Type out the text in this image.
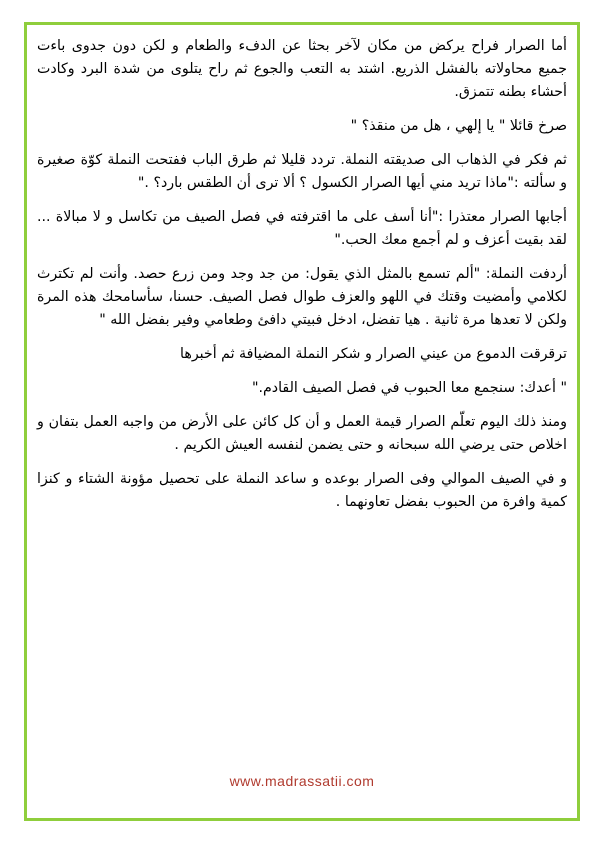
أما الصرار فراح يركض من مكان لآخر بحثا عن الدفء والطعام و لكن دون جدوى باءت جميع محاولاته بالفشل الذريع. اشتد به التعب والجوع ثم راح يتلوى من شدة البرد وكادت أحشاء بطنه تتمزق.

صرخ قائلا " يا إلهي ، هل من منقذ؟ "

ثم فكر في الذهاب الى صديقته النملة. تردد قليلا ثم طرق الباب ففتحت النملة كوّة صغيرة و سألته :"ماذا تريد مني أيها الصرار الكسول ؟ ألا ترى أن الطقس بارد؟ ."

أجابها الصرار معتذرا :"أنا أسف على ما اقترفته في فصل الصيف من تكاسل و لا مبالاة ... لقد بقيت أعزف و لم أجمع معك الحب."

أردفت النملة: "ألم تسمع بالمثل الذي يقول: من جد وجد ومن زرع حصد. وأنت لم تكترث لكلامي وأمضيت وقتك في اللهو والعزف طوال فصل الصيف. حسنا، سأسامحك هذه المرة ولكن لا تعدها مرة ثانية . هيا تفضل، ادخل فبيتي دافئ وطعامي وفير بفضل الله "

ترقرقت الدموع من عيني الصرار و شكر النملة المضيافة ثم أخبرها

" أعدك: سنجمع معا الحبوب في فصل الصيف القادم."

ومنذ ذلك اليوم تعلّم الصرار قيمة العمل و أن كل كائن على الأرض من واجبه العمل بتفان و اخلاص حتى يرضي الله سبحانه و حتى يضمن لنفسه العيش الكريم .

و في الصيف الموالي وفى الصرار بوعده و ساعد النملة على تحصيل مؤونة الشتاء و كنزا كمية وافرة من الحبوب بفضل تعاونهما .

www.madrassatii.com
